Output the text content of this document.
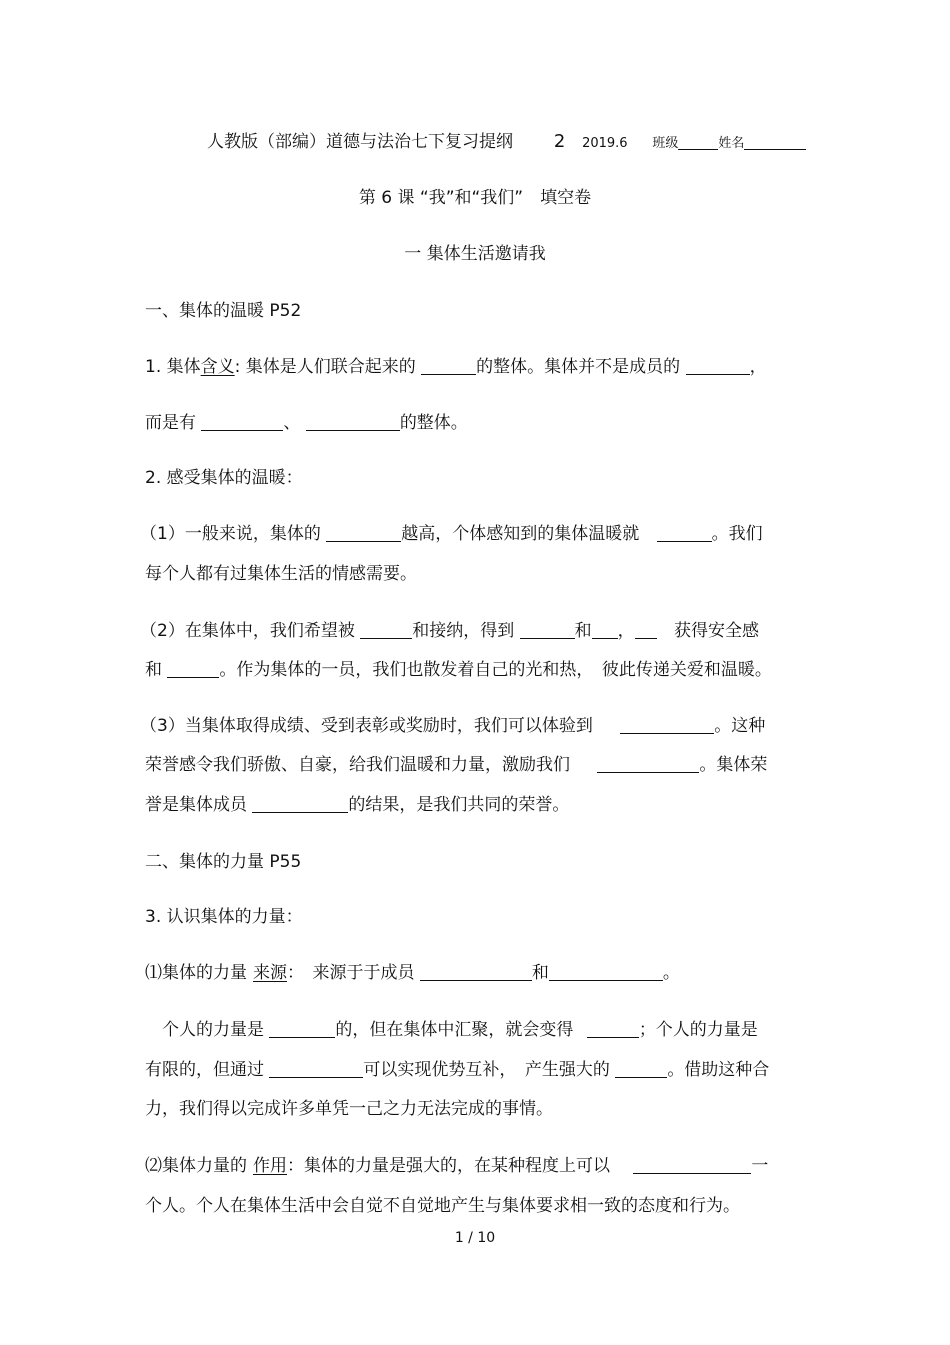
人教版（部编）道德与法治七下复习提纲 2 2019.6 班级	姓名
第 6 课 “我”和“我们”　填空卷
一 集体生活邀请我
一、集体的温暖 P52
1. 集体含义: 集体是人们联合起来的	的整体。集体并不是成员的	，
而是有	、	的整体。
2. 感受集体的温暖：
（1）一般来说，集体的	越高，个体感知到的集体温暖就	。我们
每个人都有过集体生活的情感需要。
（2）在集体中，我们希望被	和接纳，得到	和 ， 获得安全感
和	。作为集体的一员，我们也散发着自己的光和热，　彼此传递关爱和温暖。
（3）当集体取得成绩、受到表彰或奖励时，我们可以体验到	。这种
荣誉感令我们骄傲、自豪，给我们温暖和力量，激励我们	。集体荣
誉是集体成员	的结果，是我们共同的荣誉。
二、集体的力量 P55
3. 认识集体的力量：
⑴集体的力量 来源：　来源于于成员	和	。
个人的力量是	的，但在集体中汇聚，就会变得	；个人的力量是
有限的，但通过	可以实现优势互补，　产生强大的	。借助这种合
力，我们得以完成许多单凭一己之力无法完成的事情。
⑵集体力量的 作用：集体的力量是强大的，在某种程度上可以	一
个人。个人在集体生活中会自觉不自觉地产生与集体要求相一致的态度和行为。
1 / 10
